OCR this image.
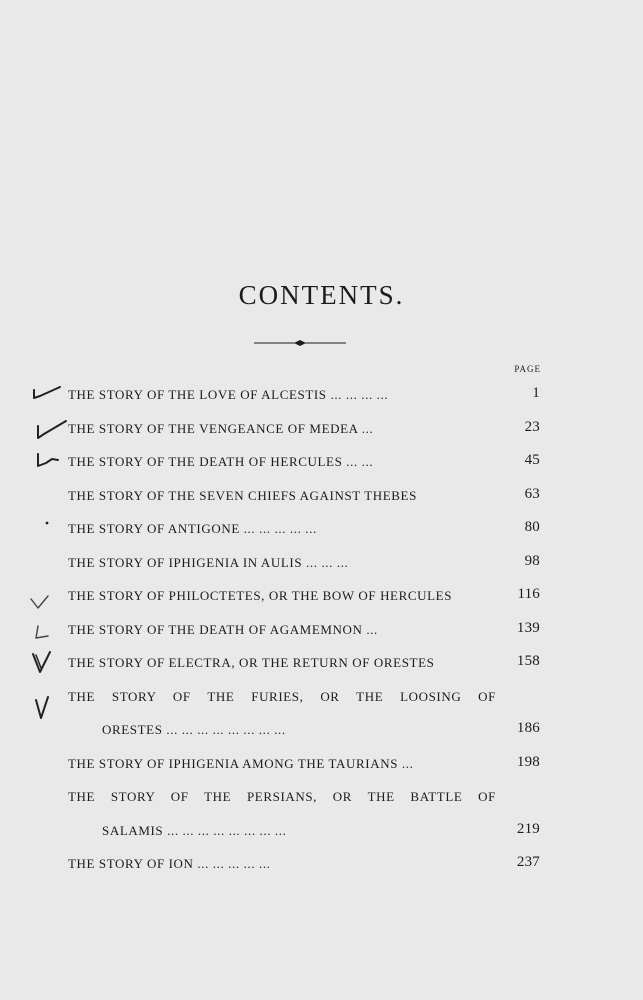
CONTENTS.
PAGE
THE STORY OF THE LOVE OF ALCESTIS ... ... ... ...	1
THE STORY OF THE VENGEANCE OF MEDEA ...	23
THE STORY OF THE DEATH OF HERCULES ... ...	45
THE STORY OF THE SEVEN CHIEFS AGAINST THEBES	63
THE STORY OF ANTIGONE ... ... ... ... ...	80
THE STORY OF IPHIGENIA IN AULIS ... ... ...	98
THE STORY OF PHILOCTETES, OR THE BOW OF HERCULES	116
THE STORY OF THE DEATH OF AGAMEMNON ...	139
THE STORY OF ELECTRA, OR THE RETURN OF ORESTES	158
THE STORY OF THE FURIES, OR THE LOOSING OF
ORESTES ... ... ... ... ... ... ... ...	186
THE STORY OF IPHIGENIA AMONG THE TAURIANS ...	198
THE STORY OF THE PERSIANS, OR THE BATTLE OF
SALAMIS ... ... ... ... ... ... ... ...	219
THE STORY OF ION ... ... ... ... ...	237
